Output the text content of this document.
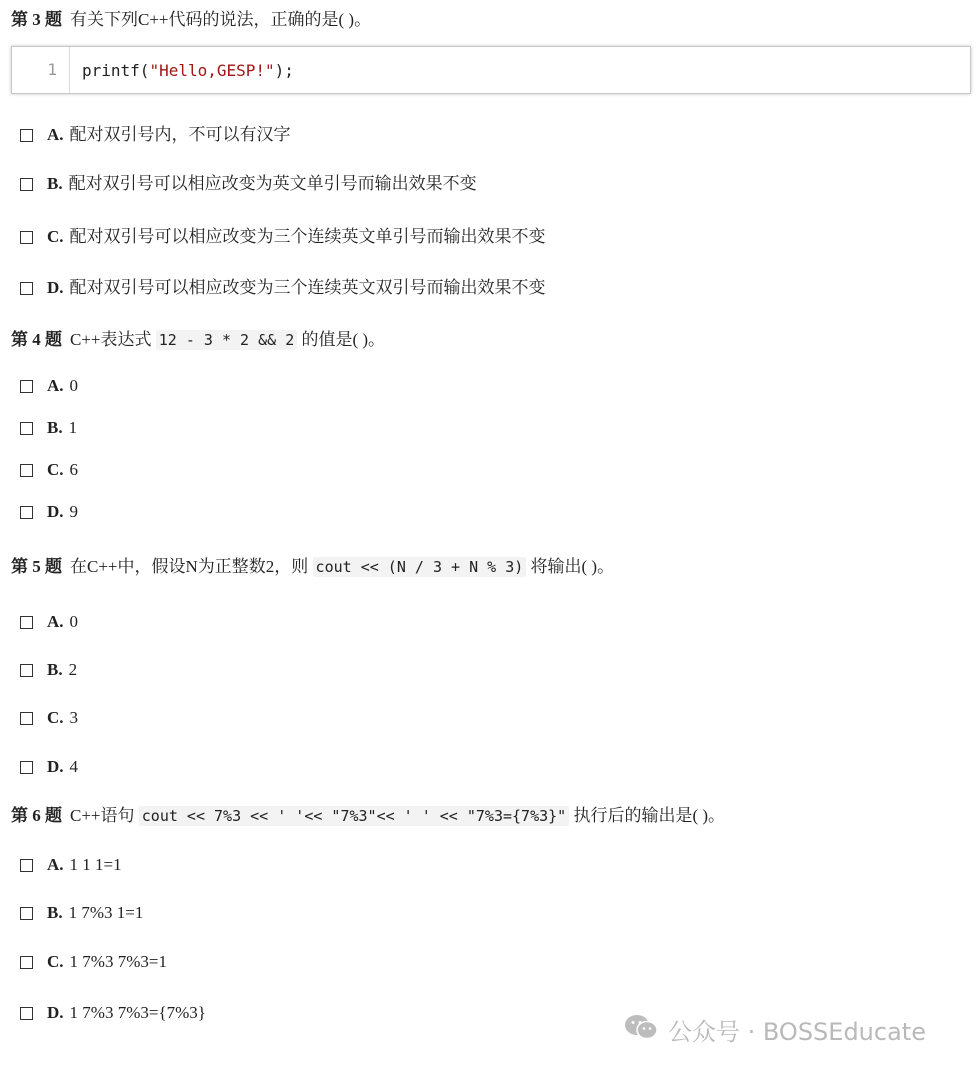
第 3 题 有关下列C++代码的说法，正确的是( )。
1 printf("Hello,GESP!");
A. 配对双引号内，不可以有汉字
B. 配对双引号可以相应改变为英文单引号而输出效果不变
C. 配对双引号可以相应改变为三个连续英文单引号而输出效果不变
D. 配对双引号可以相应改变为三个连续英文双引号而输出效果不变
第 4 题 C++表达式 12 - 3 * 2 && 2 的值是( )。
A. 0
B. 1
C. 6
D. 9
第 5 题 在C++中，假设N为正整数2，则 cout << (N / 3 + N % 3) 将输出( )。
A. 0
B. 2
C. 3
D. 4
第 6 题 C++语句 cout << 7%3 << ' '<< "7%3"<< ' ' << "7%3={7%3}" 执行后的输出是( )。
A. 1 1 1=1
B. 1 7%3 1=1
C. 1 7%3 7%3=1
D. 1 7%3 7%3={7%3}
公众号 · BOSSEducate
